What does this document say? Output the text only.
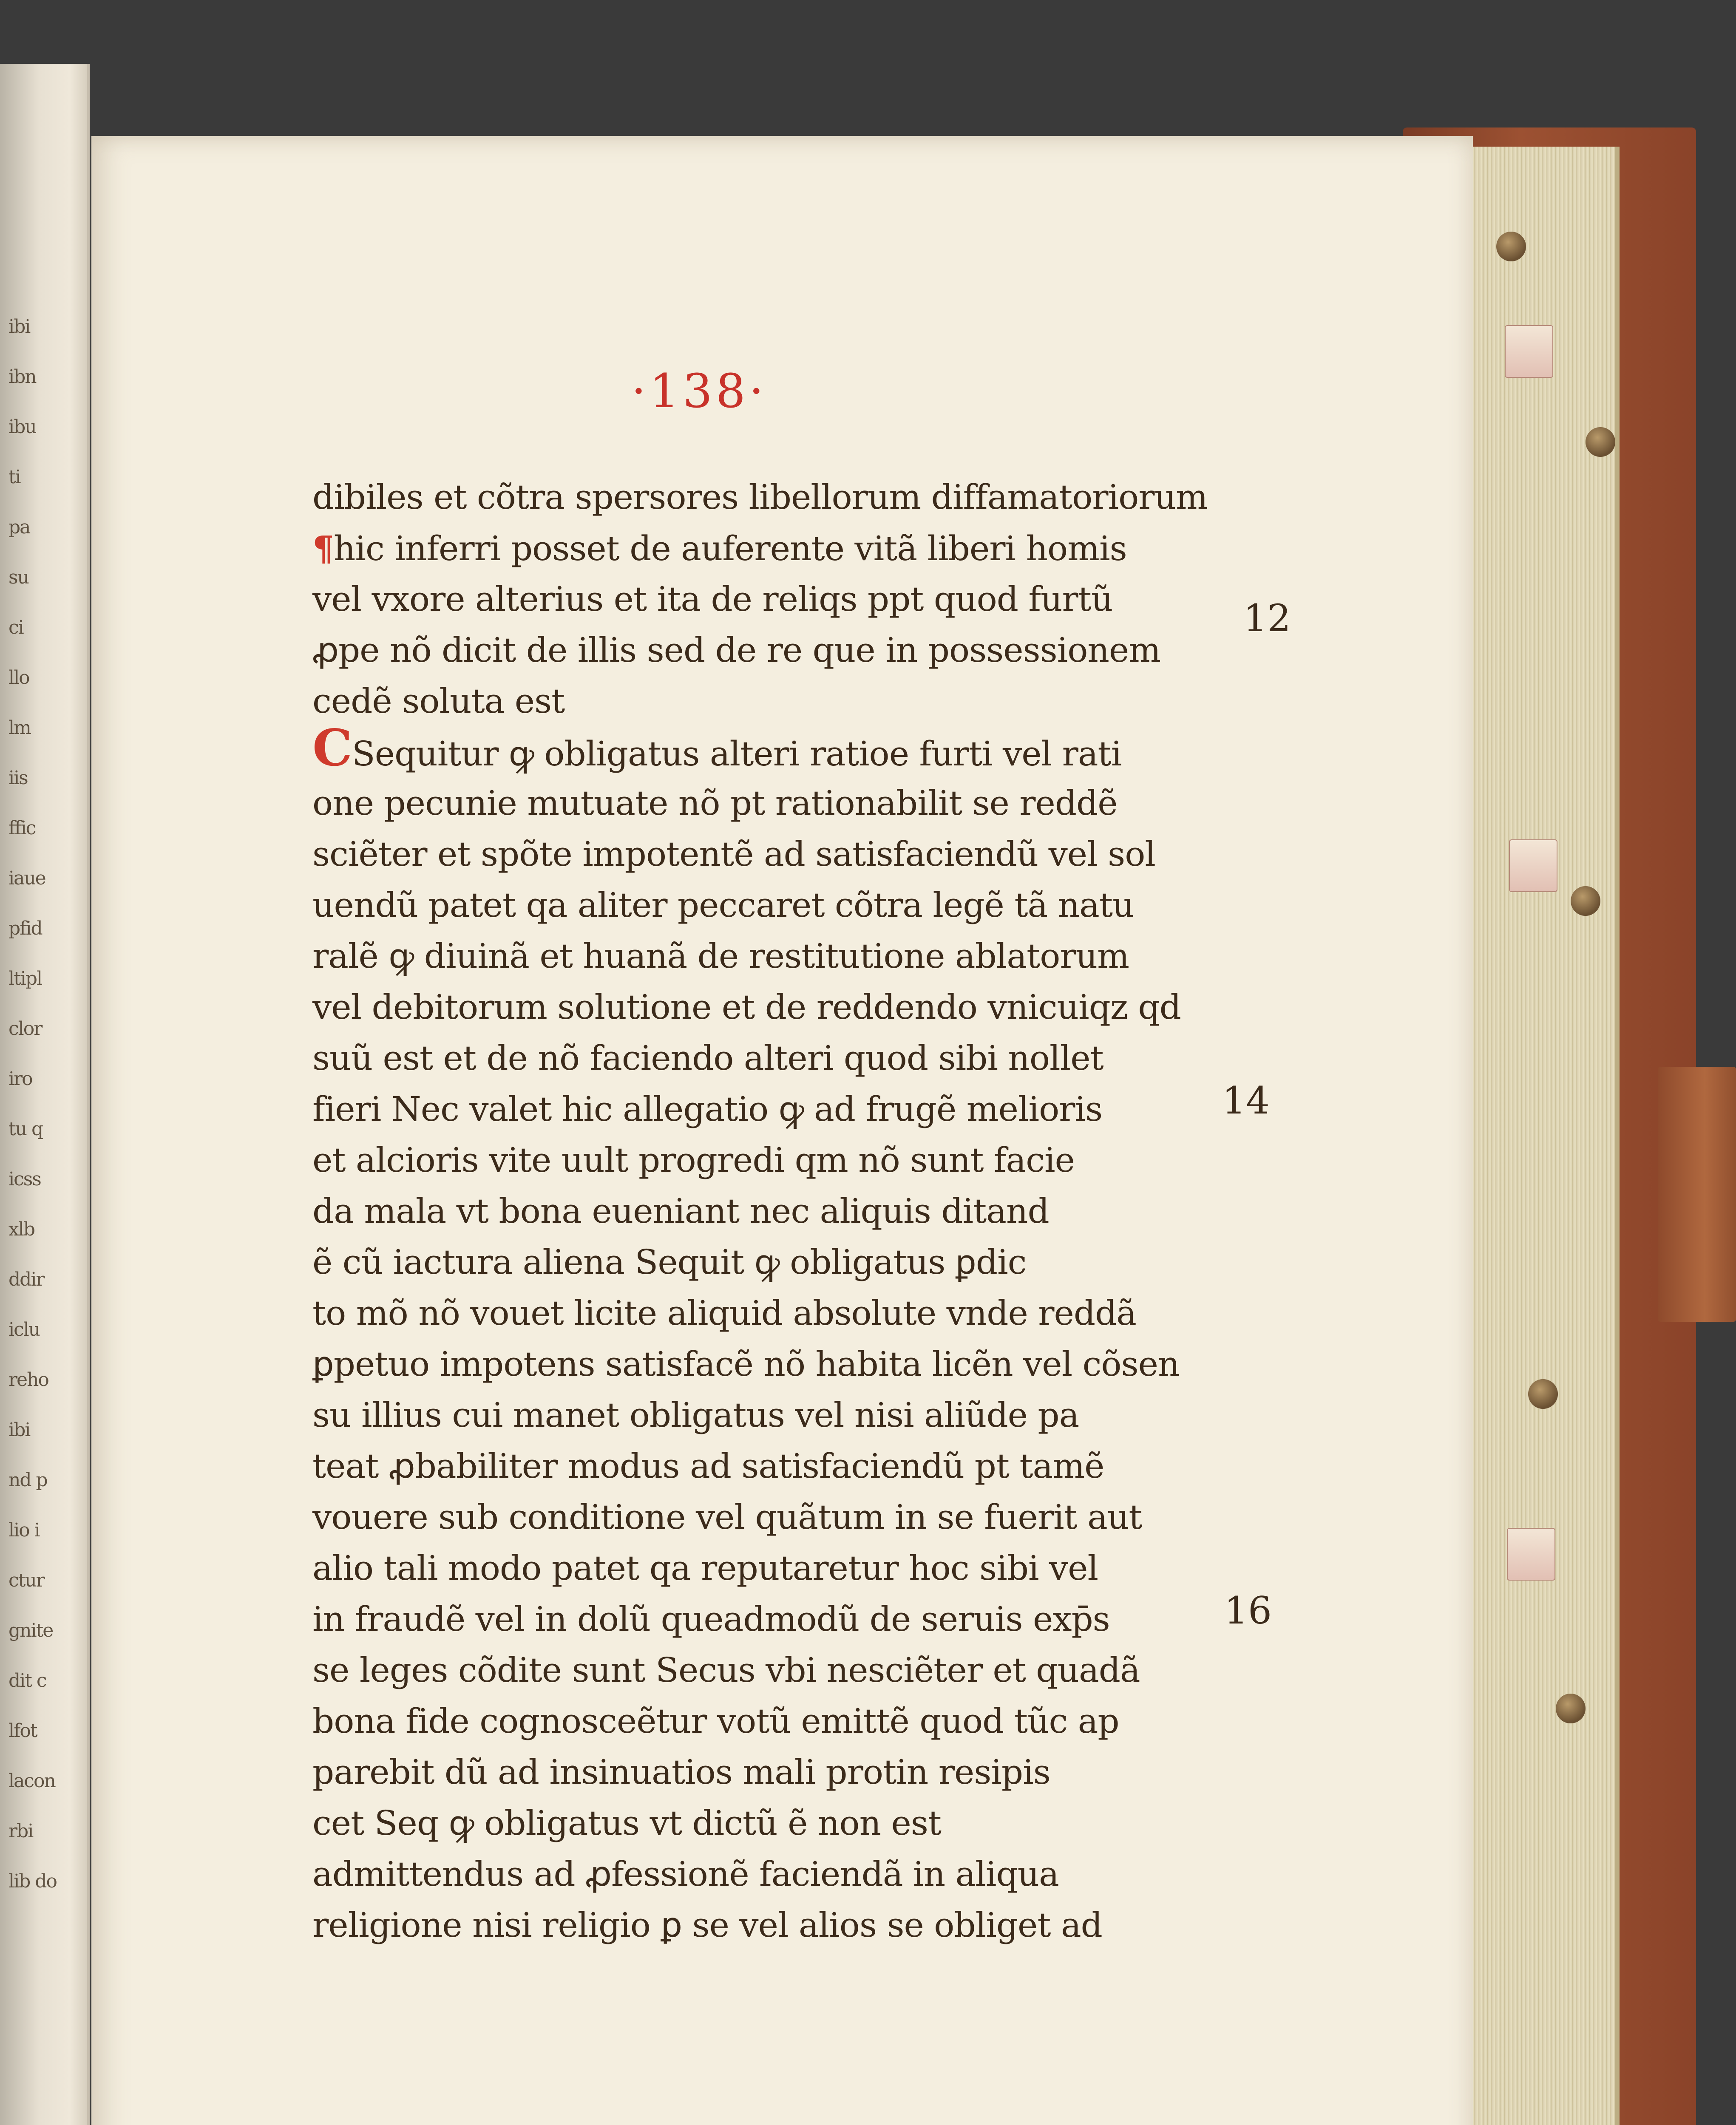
ibi
ibn
ibu
ti
pa
su
ci
llo
lm
iis
ffic
iaue
pfid
ltipl
clor
iro
tu q
icss
xlb
ddir
iclu
reho
ibi
nd p
lio i
ctur
gnite
dit c
lfot
lacon
rbi
lib do
·138·
dibiles et cõtra spersores libellorum diffamatoriorum
¶hic inferri posset de auferente vitã liberi homis
vel vxore alterius et ita de reliqs ppt quod furtũ
ꝓpe nõ dicit de illis sed de re que in possessionem
cedẽ soluta est
CSequitur ꝙ obligatus alteri ratioe furti vel rati
one pecunie mutuate nõ pt rationabilit se reddẽ
sciẽter et spõte impotentẽ ad satisfaciendũ vel sol
uendũ patet qa aliter peccaret cõtra legẽ tã natu
ralẽ ꝙ diuinã et huanã de restitutione ablatorum
vel debitorum solutione et de reddendo vnicuiqz qd
suũ est et de nõ faciendo alteri quod sibi nollet
fieri Nec valet hic allegatio ꝙ ad frugẽ melioris
et alcioris vite uult progredi qm nõ sunt facie
da mala vt bona eueniant nec aliquis ditand
ẽ cũ iactura aliena Sequit ꝙ obligatus ꝑdic
to mõ nõ vouet licite aliquid absolute vnde reddã
ꝑpetuo impotens satisfacẽ nõ habita licẽn vel cõsen
su illius cui manet obligatus vel nisi aliũde pa
teat ꝓbabiliter modus ad satisfaciendũ pt tamẽ
vouere sub conditione vel quãtum in se fuerit aut
alio tali modo patet qa reputaretur hoc sibi vel
in fraudẽ vel in dolũ queadmodũ de seruis exp̄s
se leges cõdite sunt Secus vbi nesciẽter et quadã
bona fide cognosceẽtur votũ emittẽ quod tũc ap
parebit dũ ad insinuatios mali protin resipis
cet Seq ꝙ obligatus vt dictũ ẽ non est
admittendus ad ꝓfessionẽ faciendã in aliqua
religione nisi religio ꝑ se vel alios se obliget ad
12
14
16
